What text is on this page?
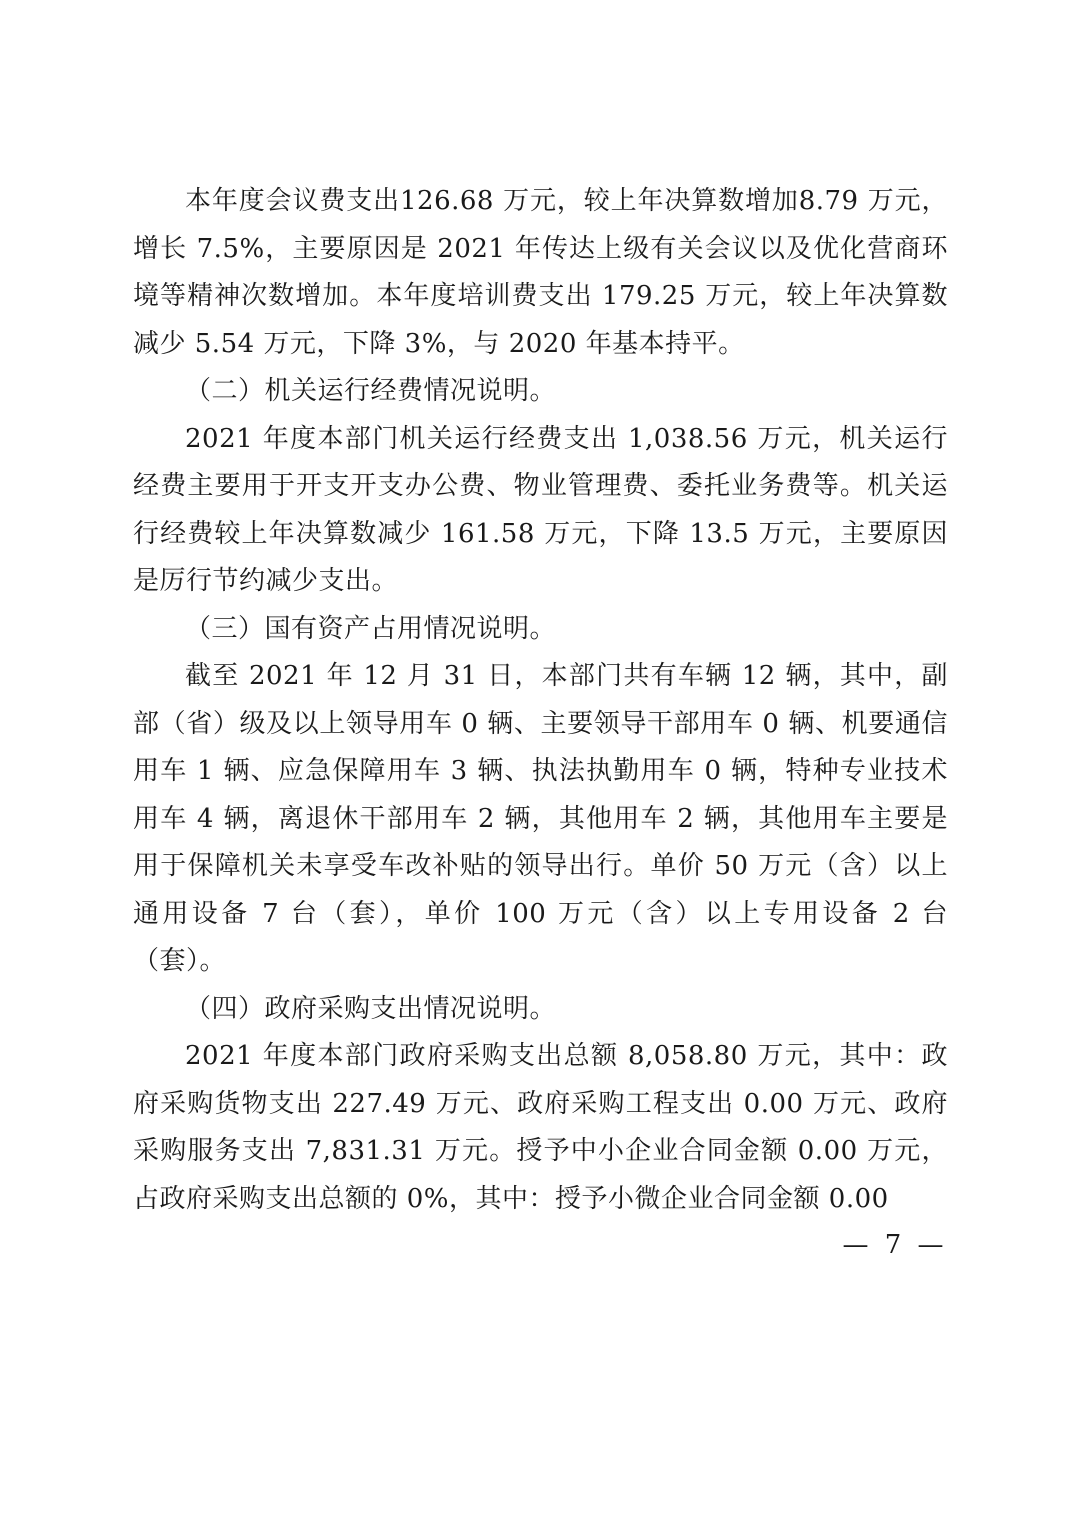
本年度会议费支出126.68 万元，较上年决算数增加8.79 万元，增长 7.5%，主要原因是 2021 年传达上级有关会议以及优化营商环境等精神次数增加。本年度培训费支出 179.25 万元，较上年决算数减少 5.54 万元，下降 3%，与 2020 年基本持平。

（二）机关运行经费情况说明。

2021 年度本部门机关运行经费支出 1,038.56 万元，机关运行经费主要用于开支开支办公费、物业管理费、委托业务费等。机关运行经费较上年决算数减少 161.58 万元，下降 13.5 万元，主要原因是厉行节约减少支出。

（三）国有资产占用情况说明。

截至 2021 年 12 月 31 日，本部门共有车辆 12 辆，其中，副部（省）级及以上领导用车 0 辆、主要领导干部用车 0 辆、机要通信用车 1 辆、应急保障用车 3 辆、执法执勤用车 0 辆，特种专业技术用车 4 辆，离退休干部用车 2 辆，其他用车 2 辆，其他用车主要是用于保障机关未享受车改补贴的领导出行。单价 50 万元（含）以上通用设备 7 台（套），单价 100 万元（含）以上专用设备 2 台（套）。

（四）政府采购支出情况说明。

2021 年度本部门政府采购支出总额 8,058.80 万元，其中：政府采购货物支出 227.49 万元、政府采购工程支出 0.00 万元、政府采购服务支出 7,831.31 万元。授予中小企业合同金额 0.00 万元，占政府采购支出总额的 0%，其中：授予小微企业合同金额 0.00

— 7 —
